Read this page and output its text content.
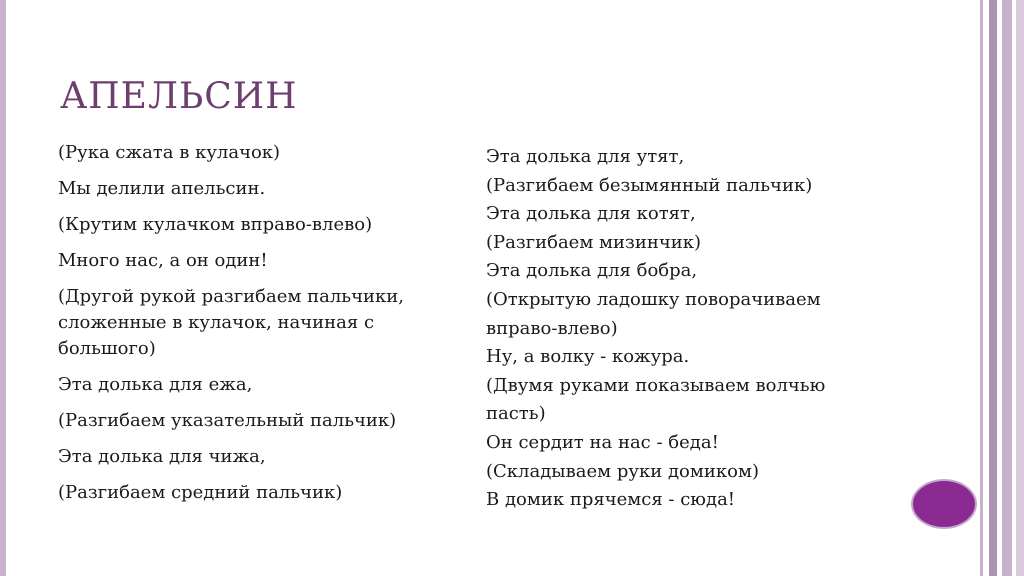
АПЕЛЬСИН

(Рука сжата в кулачок)

Мы делили апельсин.

(Крутим кулачком вправо-влево)

Много нас, а он один!

(Другой рукой разгибаем пальчики, сложенные в кулачок, начиная с большого)

Эта долька для ежа,

(Разгибаем указательный пальчик)

Эта долька для чижа,

(Разгибаем средний пальчик)

Эта долька для утят,

(Разгибаем безымянный пальчик)

Эта долька для котят,

(Разгибаем мизинчик)

Эта долька для бобра,

(Открытую ладошку поворачиваем вправо-влево)

Ну, а волку - кожура.

(Двумя руками показываем волчью пасть)

Он сердит на нас - беда!

(Складываем руки домиком)

В домик прячемся - сюда!
